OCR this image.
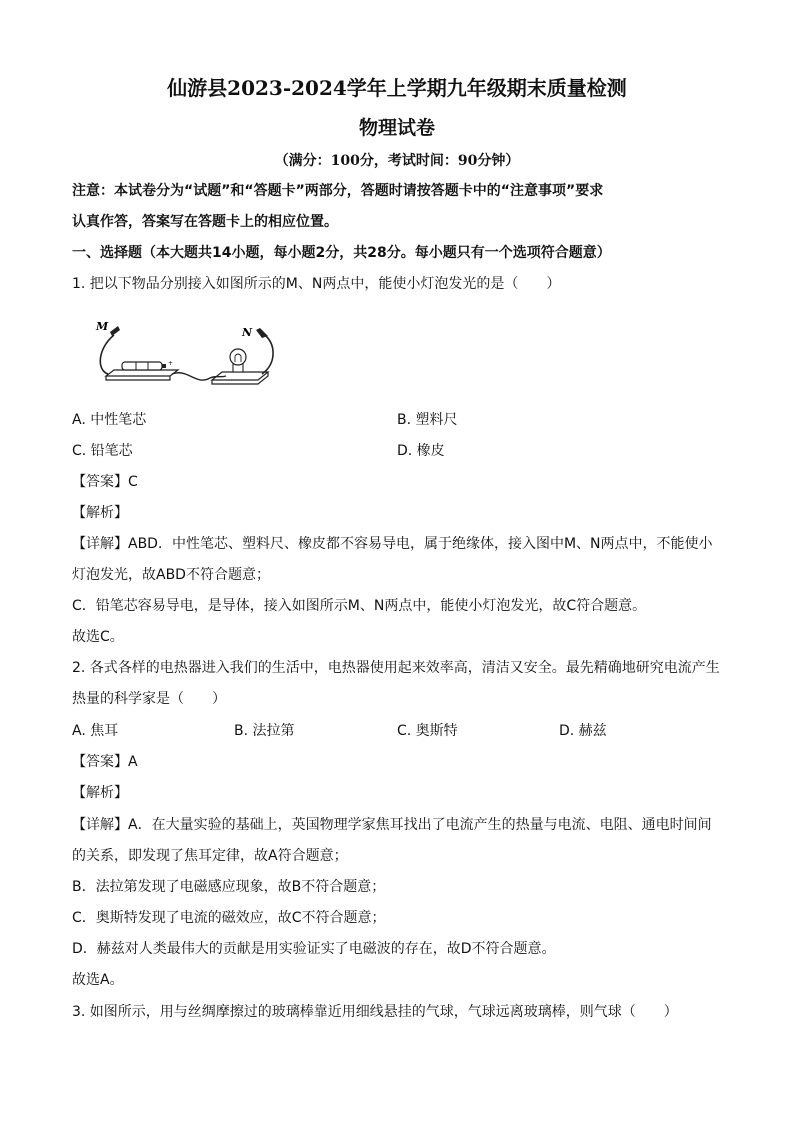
仙游县2023-2024学年上学期九年级期末质量检测
物理试卷
（满分：100分，考试时间：90分钟）
注意：本试卷分为“试题”和“答题卡”两部分，答题时请按答题卡中的“注意事项”要求
认真作答，答案写在答题卡上的相应位置。
一、选择题（本大题共14小题，每小题2分，共28分。每小题只有一个选项符合题意）
1. 把以下物品分别接入如图所示的M、N两点中，能使小灯泡发光的是（　　）
M
+
N
A. 中性笔芯	B. 塑料尺
C. 铅笔芯	D. 橡皮
【答案】C
【解析】
【详解】ABD．中性笔芯、塑料尺、橡皮都不容易导电，属于绝缘体，接入图中M、N两点中，不能使小
灯泡发光，故ABD不符合题意；
C．铅笔芯容易导电，是导体，接入如图所示M、N两点中，能使小灯泡发光，故C符合题意。
故选C。
2. 各式各样的电热器进入我们的生活中，电热器使用起来效率高，清洁又安全。最先精确地研究电流产生
热量的科学家是（　　）
A. 焦耳	B. 法拉第	C. 奥斯特	D. 赫兹
【答案】A
【解析】
【详解】A．在大量实验的基础上，英国物理学家焦耳找出了电流产生的热量与电流、电阻、通电时间间
的关系，即发现了焦耳定律，故A符合题意；
B．法拉第发现了电磁感应现象，故B不符合题意；
C．奥斯特发现了电流的磁效应，故C不符合题意；
D．赫兹对人类最伟大的贡献是用实验证实了电磁波的存在，故D不符合题意。
故选A。
3. 如图所示，用与丝绸摩擦过的玻璃棒靠近用细线悬挂的气球，气球远离玻璃棒，则气球（　　）
